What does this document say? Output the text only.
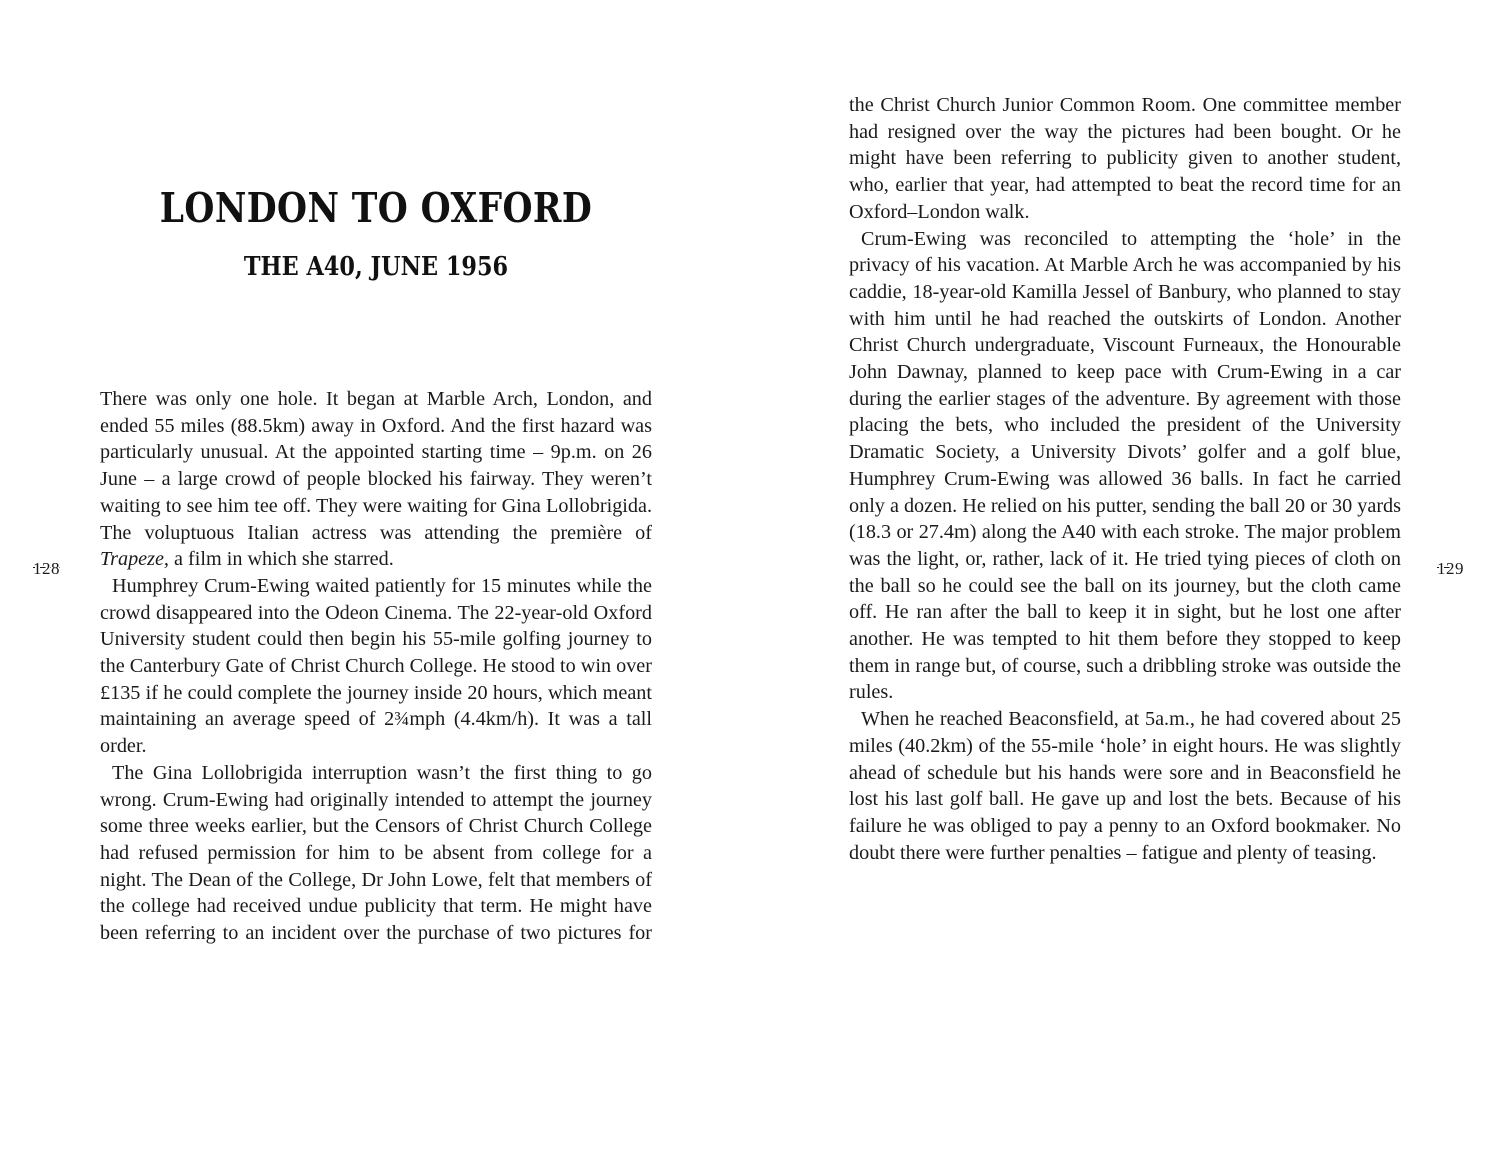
128
LONDON TO OXFORD
THE A40, JUNE 1956

There was only one hole. It began at Marble Arch, London, and ended 55 miles (88.5km) away in Oxford. And the first hazard was particularly unusual. At the appointed starting time – 9p.m. on 26 June – a large crowd of people blocked his fairway. They weren’t waiting to see him tee off. They were waiting for Gina Lollobrigida. The voluptuous Italian actress was attending the première of Trapeze, a film in which she starred.

Humphrey Crum-Ewing waited patiently for 15 minutes while the crowd disappeared into the Odeon Cinema. The 22-year-old Oxford University student could then begin his 55-mile golfing journey to the Canterbury Gate of Christ Church College. He stood to win over £135 if he could complete the journey inside 20 hours, which meant maintaining an average speed of 2¾mph (4.4km/h). It was a tall order.

The Gina Lollobrigida interruption wasn’t the first thing to go wrong. Crum-Ewing had originally intended to attempt the journey some three weeks earlier, but the Censors of Christ Church College had refused permission for him to be absent from college for a night. The Dean of the College, Dr John Lowe, felt that members of the college had received undue publicity that term. He might have been referring to an incident over the purchase of two pictures for

129

the Christ Church Junior Common Room. One committee member had resigned over the way the pictures had been bought. Or he might have been referring to publicity given to another student, who, earlier that year, had attempted to beat the record time for an Oxford–London walk.

Crum-Ewing was reconciled to attempting the ‘hole’ in the privacy of his vacation. At Marble Arch he was accompanied by his caddie, 18-year-old Kamilla Jessel of Banbury, who planned to stay with him until he had reached the outskirts of London. Another Christ Church undergraduate, Viscount Furneaux, the Honourable John Dawnay, planned to keep pace with Crum-Ewing in a car during the earlier stages of the adventure. By agreement with those placing the bets, who included the president of the University Dramatic Society, a University Divots’ golfer and a golf blue, Humphrey Crum-Ewing was allowed 36 balls. In fact he carried only a dozen. He relied on his putter, sending the ball 20 or 30 yards (18.3 or 27.4m) along the A40 with each stroke. The major problem was the light, or, rather, lack of it. He tried tying pieces of cloth on the ball so he could see the ball on its journey, but the cloth came off. He ran after the ball to keep it in sight, but he lost one after another. He was tempted to hit them before they stopped to keep them in range but, of course, such a dribbling stroke was outside the rules.

When he reached Beaconsfield, at 5a.m., he had covered about 25 miles (40.2km) of the 55-mile ‘hole’ in eight hours. He was slightly ahead of schedule but his hands were sore and in Beaconsfield he lost his last golf ball. He gave up and lost the bets. Because of his failure he was obliged to pay a penny to an Oxford bookmaker. No doubt there were further penalties – fatigue and plenty of teasing.
